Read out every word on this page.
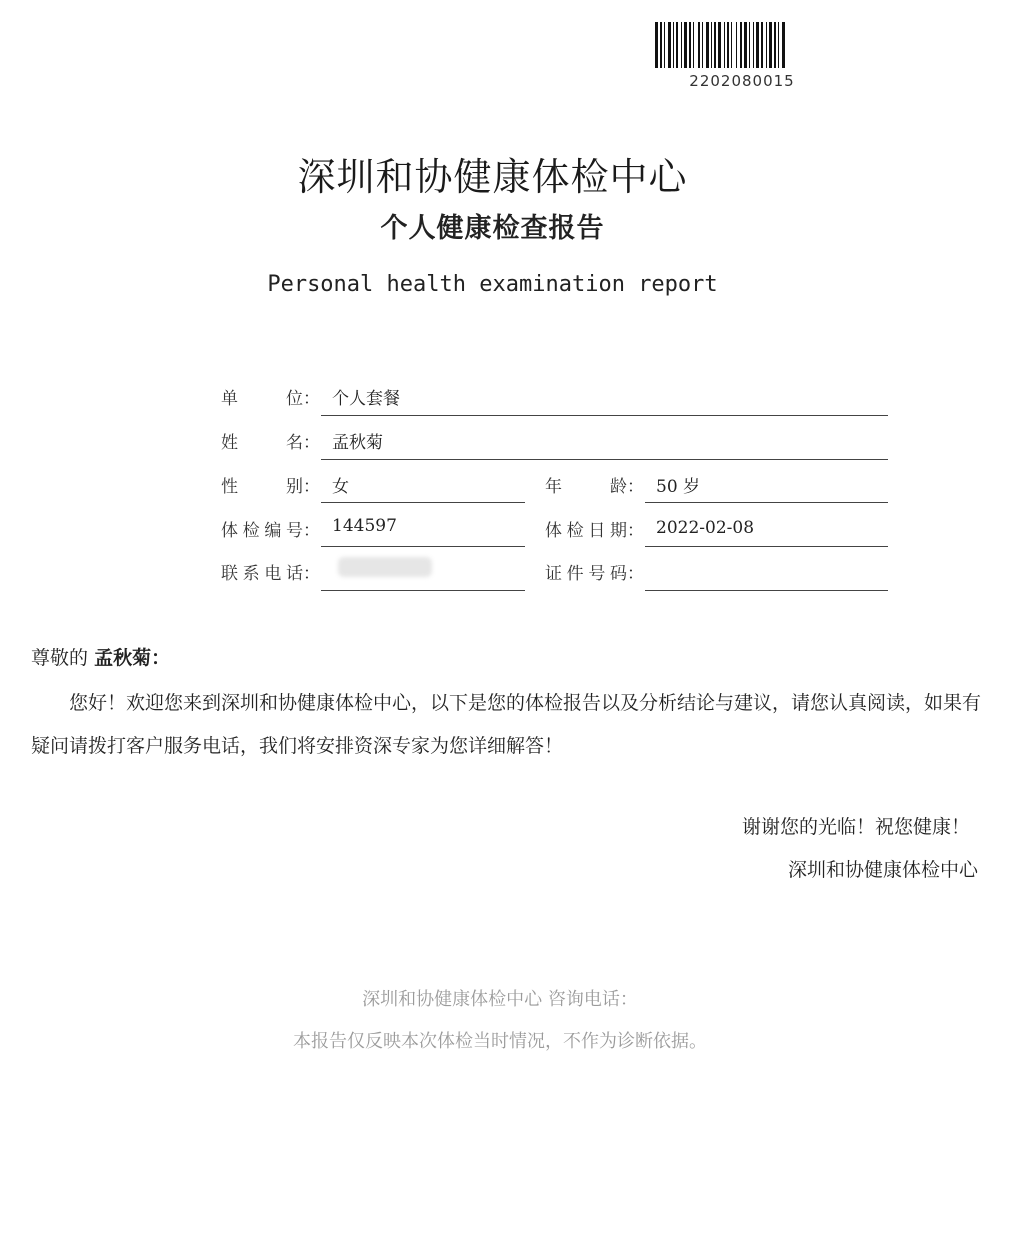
2202080015
深圳和协健康体检中心
个人健康检查报告
Personal health examination report
单位： 个人套餐
姓名： 孟秋菊
性别： 女	年龄： 50 岁
体检编号： 144597	体检日期： 2022-02-08
联系电话：	证件号码：
尊敬的 孟秋菊：
您好！欢迎您来到深圳和协健康体检中心，以下是您的体检报告以及分析结论与建议，请您认真阅读，如果有疑问请拨打客户服务电话，我们将安排资深专家为您详细解答！
谢谢您的光临！祝您健康！
深圳和协健康体检中心
深圳和协健康体检中心 咨询电话：
本报告仅反映本次体检当时情况，不作为诊断依据。
